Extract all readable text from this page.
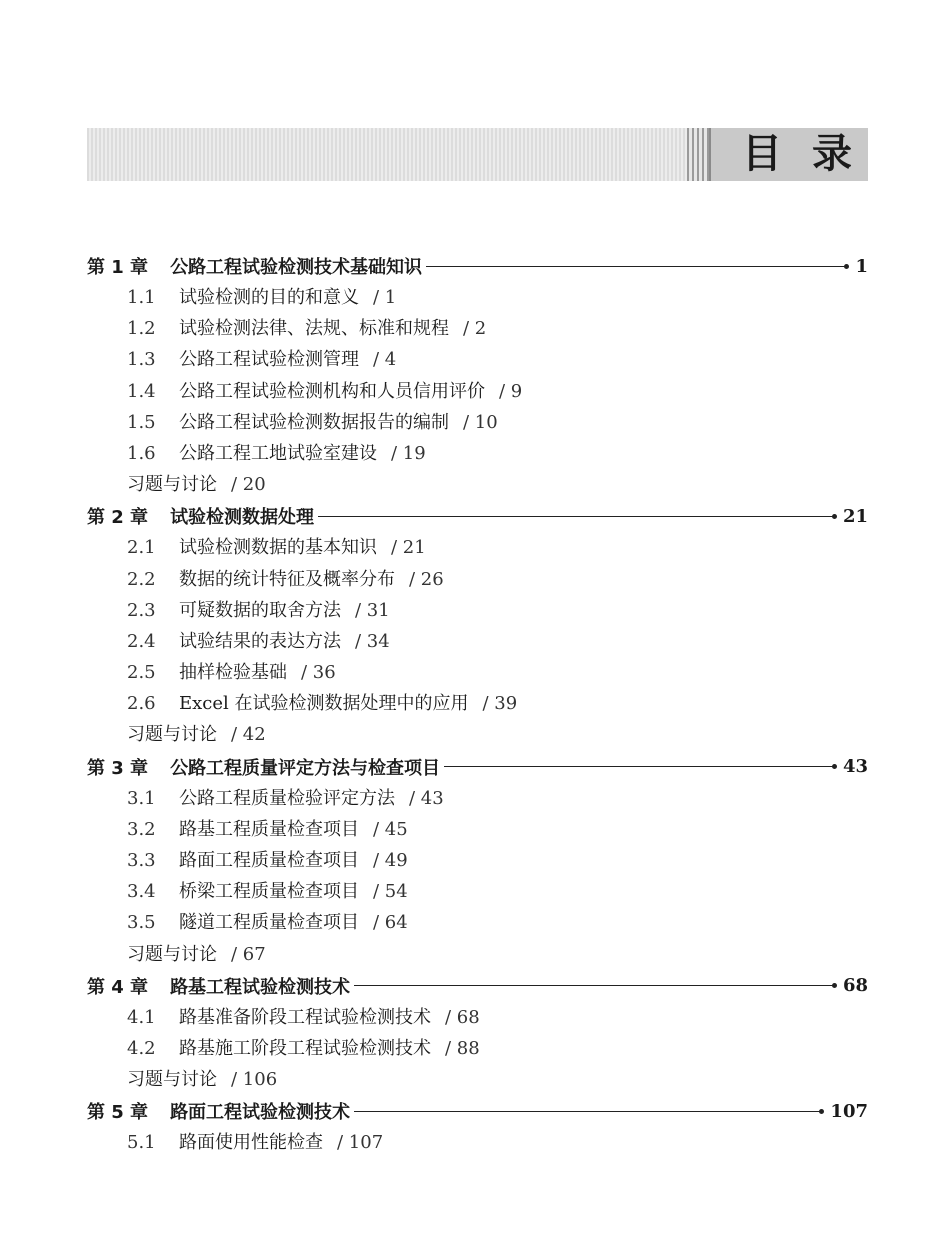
目录
第 1 章 公路工程试验检测技术基础知识	1
1.1 试验检测的目的和意义 / 1
1.2 试验检测法律、法规、标准和规程 / 2
1.3 公路工程试验检测管理 / 4
1.4 公路工程试验检测机构和人员信用评价 / 9
1.5 公路工程试验检测数据报告的编制 / 10
1.6 公路工程工地试验室建设 / 19
习题与讨论 / 20
第 2 章 试验检测数据处理	21
2.1 试验检测数据的基本知识 / 21
2.2 数据的统计特征及概率分布 / 26
2.3 可疑数据的取舍方法 / 31
2.4 试验结果的表达方法 / 34
2.5 抽样检验基础 / 36
2.6 Excel 在试验检测数据处理中的应用 / 39
习题与讨论 / 42
第 3 章 公路工程质量评定方法与检查项目	43
3.1 公路工程质量检验评定方法 / 43
3.2 路基工程质量检查项目 / 45
3.3 路面工程质量检查项目 / 49
3.4 桥梁工程质量检查项目 / 54
3.5 隧道工程质量检查项目 / 64
习题与讨论 / 67
第 4 章 路基工程试验检测技术	68
4.1 路基准备阶段工程试验检测技术 / 68
4.2 路基施工阶段工程试验检测技术 / 88
习题与讨论 / 106
第 5 章 路面工程试验检测技术	107
5.1 路面使用性能检查 / 107
